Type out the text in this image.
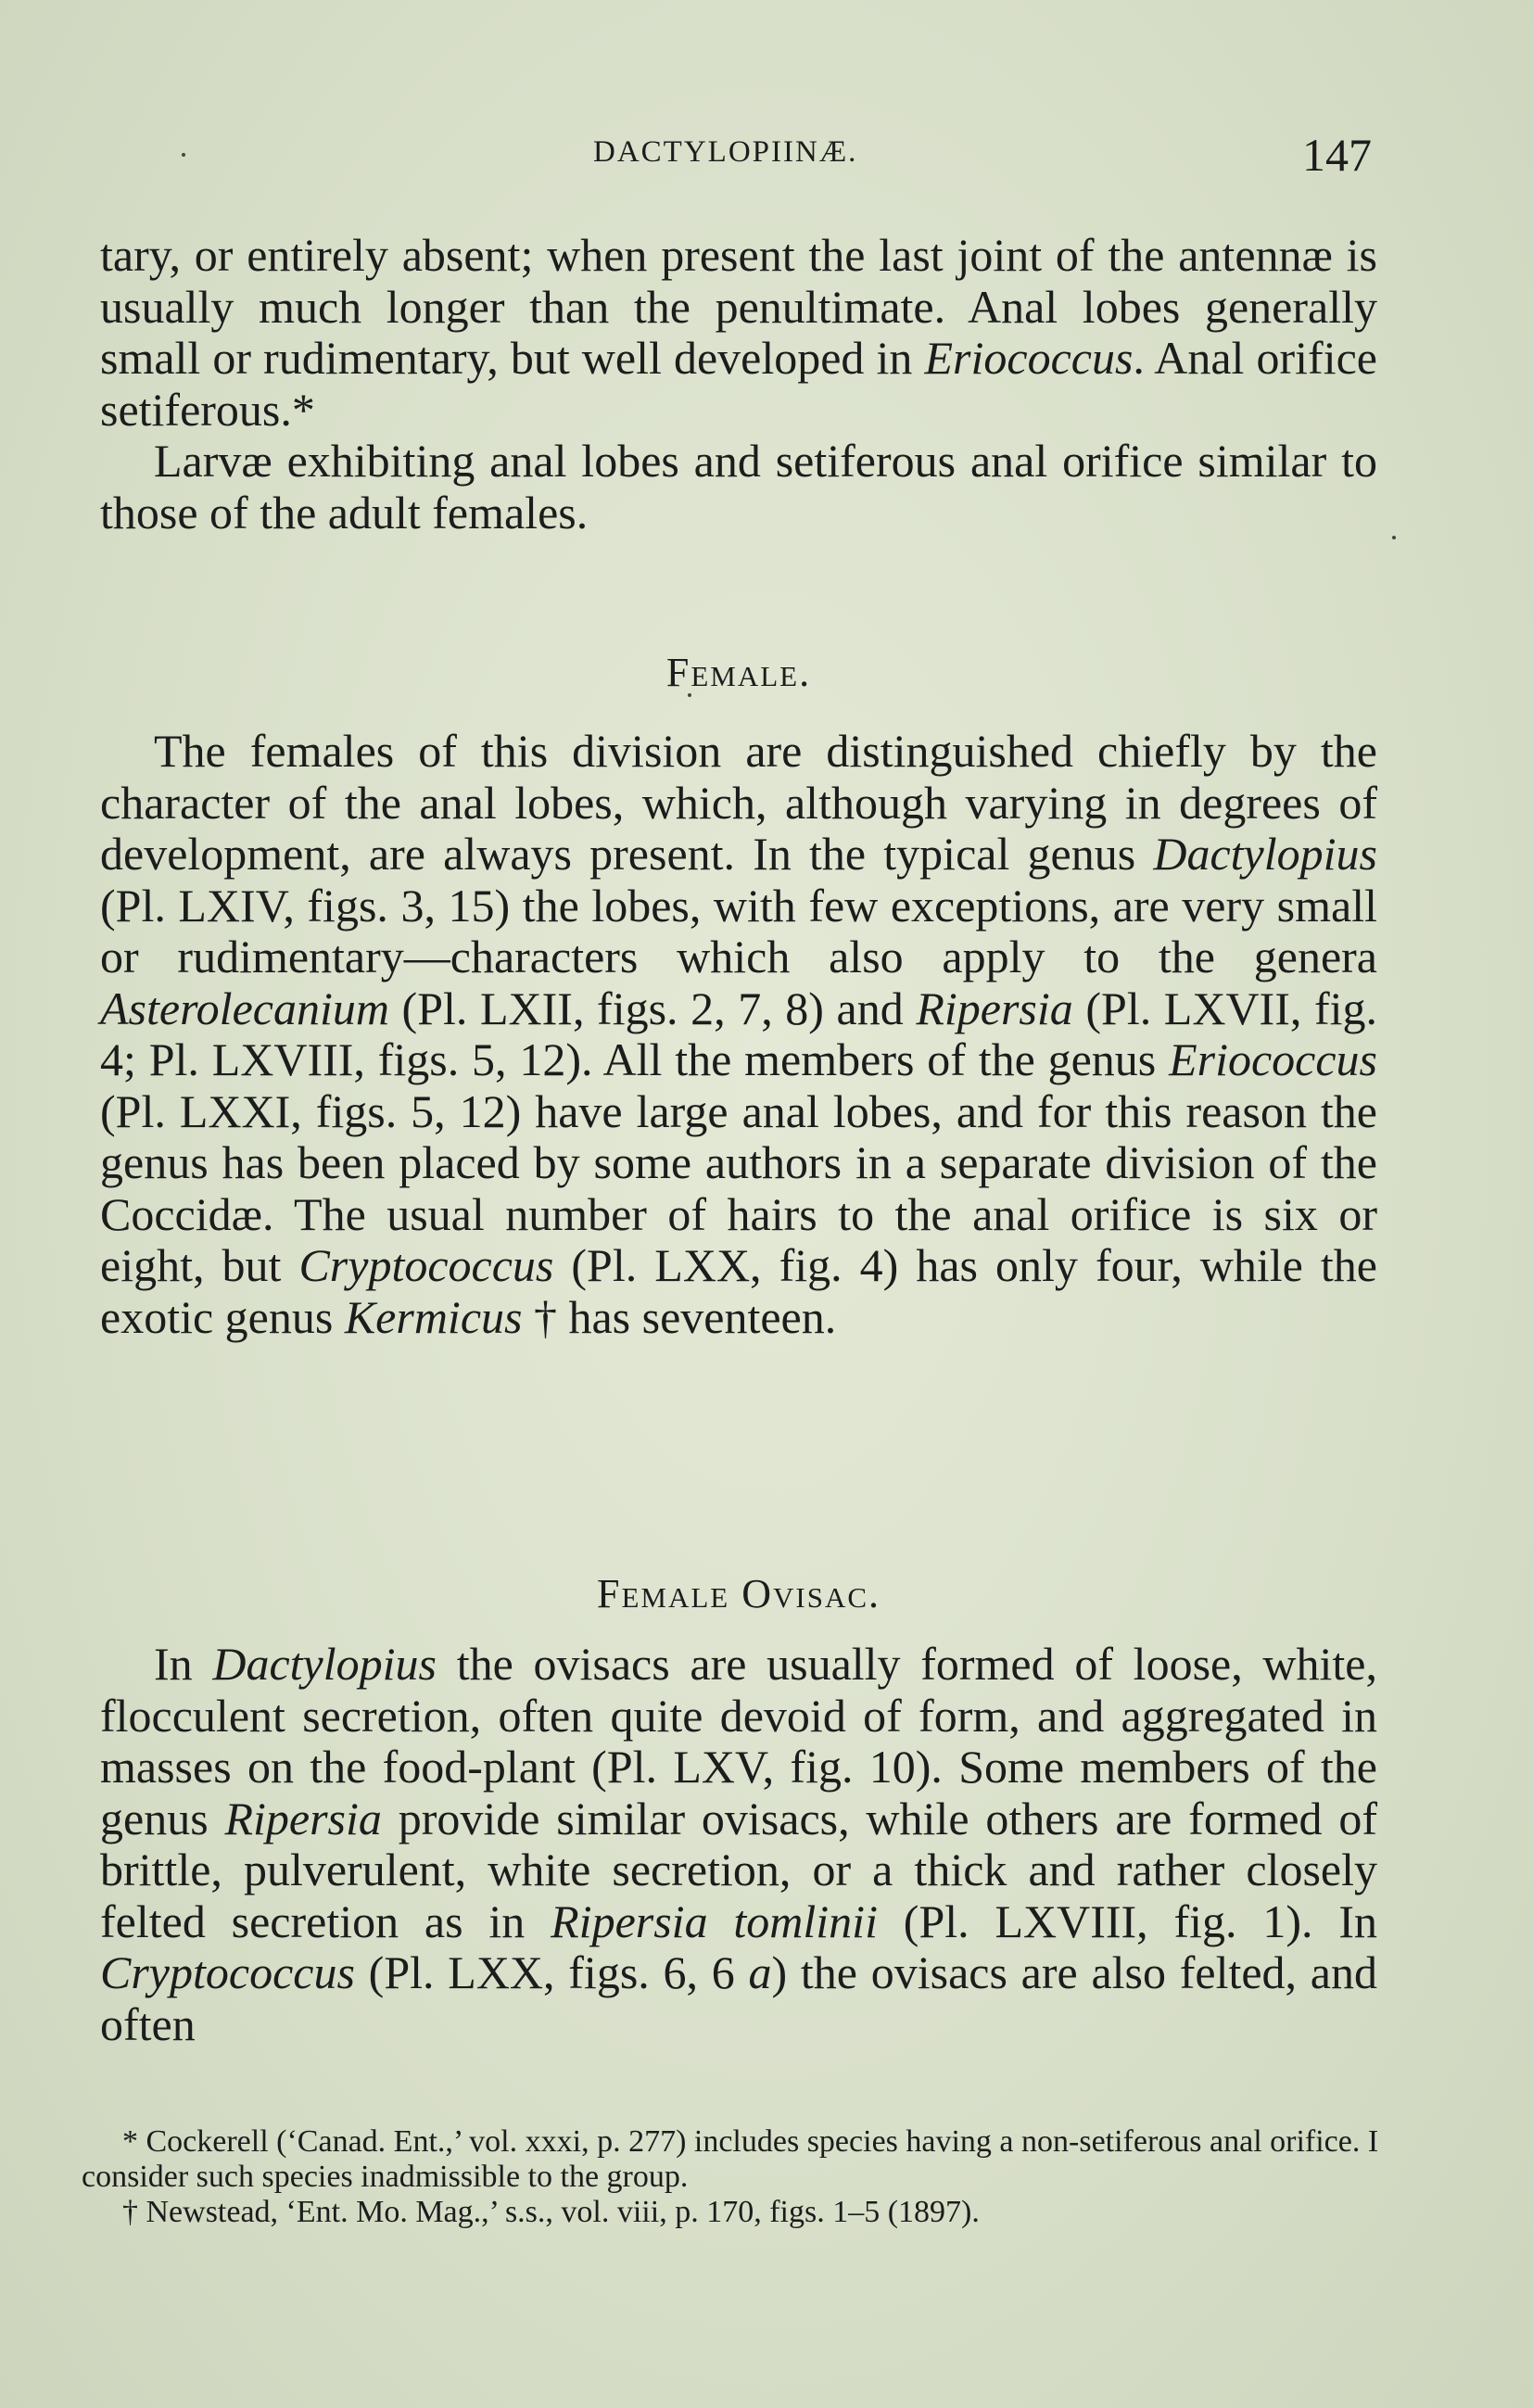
DACTYLOPIINÆ.	147

tary, or entirely absent; when present the last joint of the antennæ is usually much longer than the penultimate. Anal lobes generally small or rudimentary, but well developed in Eriococcus. Anal orifice setiferous.*

Larvæ exhibiting anal lobes and setiferous anal orifice similar to those of the adult females.

Female.

The females of this division are distinguished chiefly by the character of the anal lobes, which, although varying in degrees of development, are always present. In the typical genus Dactylopius (Pl. LXIV, figs. 3, 15) the lobes, with few exceptions, are very small or rudimentary—characters which also apply to the genera Asterolecanium (Pl. LXII, figs. 2, 7, 8) and Ripersia (Pl. LXVII, fig. 4; Pl. LXVIII, figs. 5, 12). All the members of the genus Eriococcus (Pl. LXXI, figs. 5, 12) have large anal lobes, and for this reason the genus has been placed by some authors in a separate division of the Coccidæ. The usual number of hairs to the anal orifice is six or eight, but Cryptococcus (Pl. LXX, fig. 4) has only four, while the exotic genus Kermicus † has seventeen.

Female Ovisac.

In Dactylopius the ovisacs are usually formed of loose, white, flocculent secretion, often quite devoid of form, and aggregated in masses on the food-plant (Pl. LXV, fig. 10). Some members of the genus Ripersia provide similar ovisacs, while others are formed of brittle, pulverulent, white secretion, or a thick and rather closely felted secretion as in Ripersia tomlinii (Pl. LXVIII, fig. 1). In Cryptococcus (Pl. LXX, figs. 6, 6 a) the ovisacs are also felted, and often

* Cockerell (‘Canad. Ent.,’ vol. xxxi, p. 277) includes species having a non-setiferous anal orifice. I consider such species inadmissible to the group.

† Newstead, ‘Ent. Mo. Mag.,’ s.s., vol. viii, p. 170, figs. 1–5 (1897).
